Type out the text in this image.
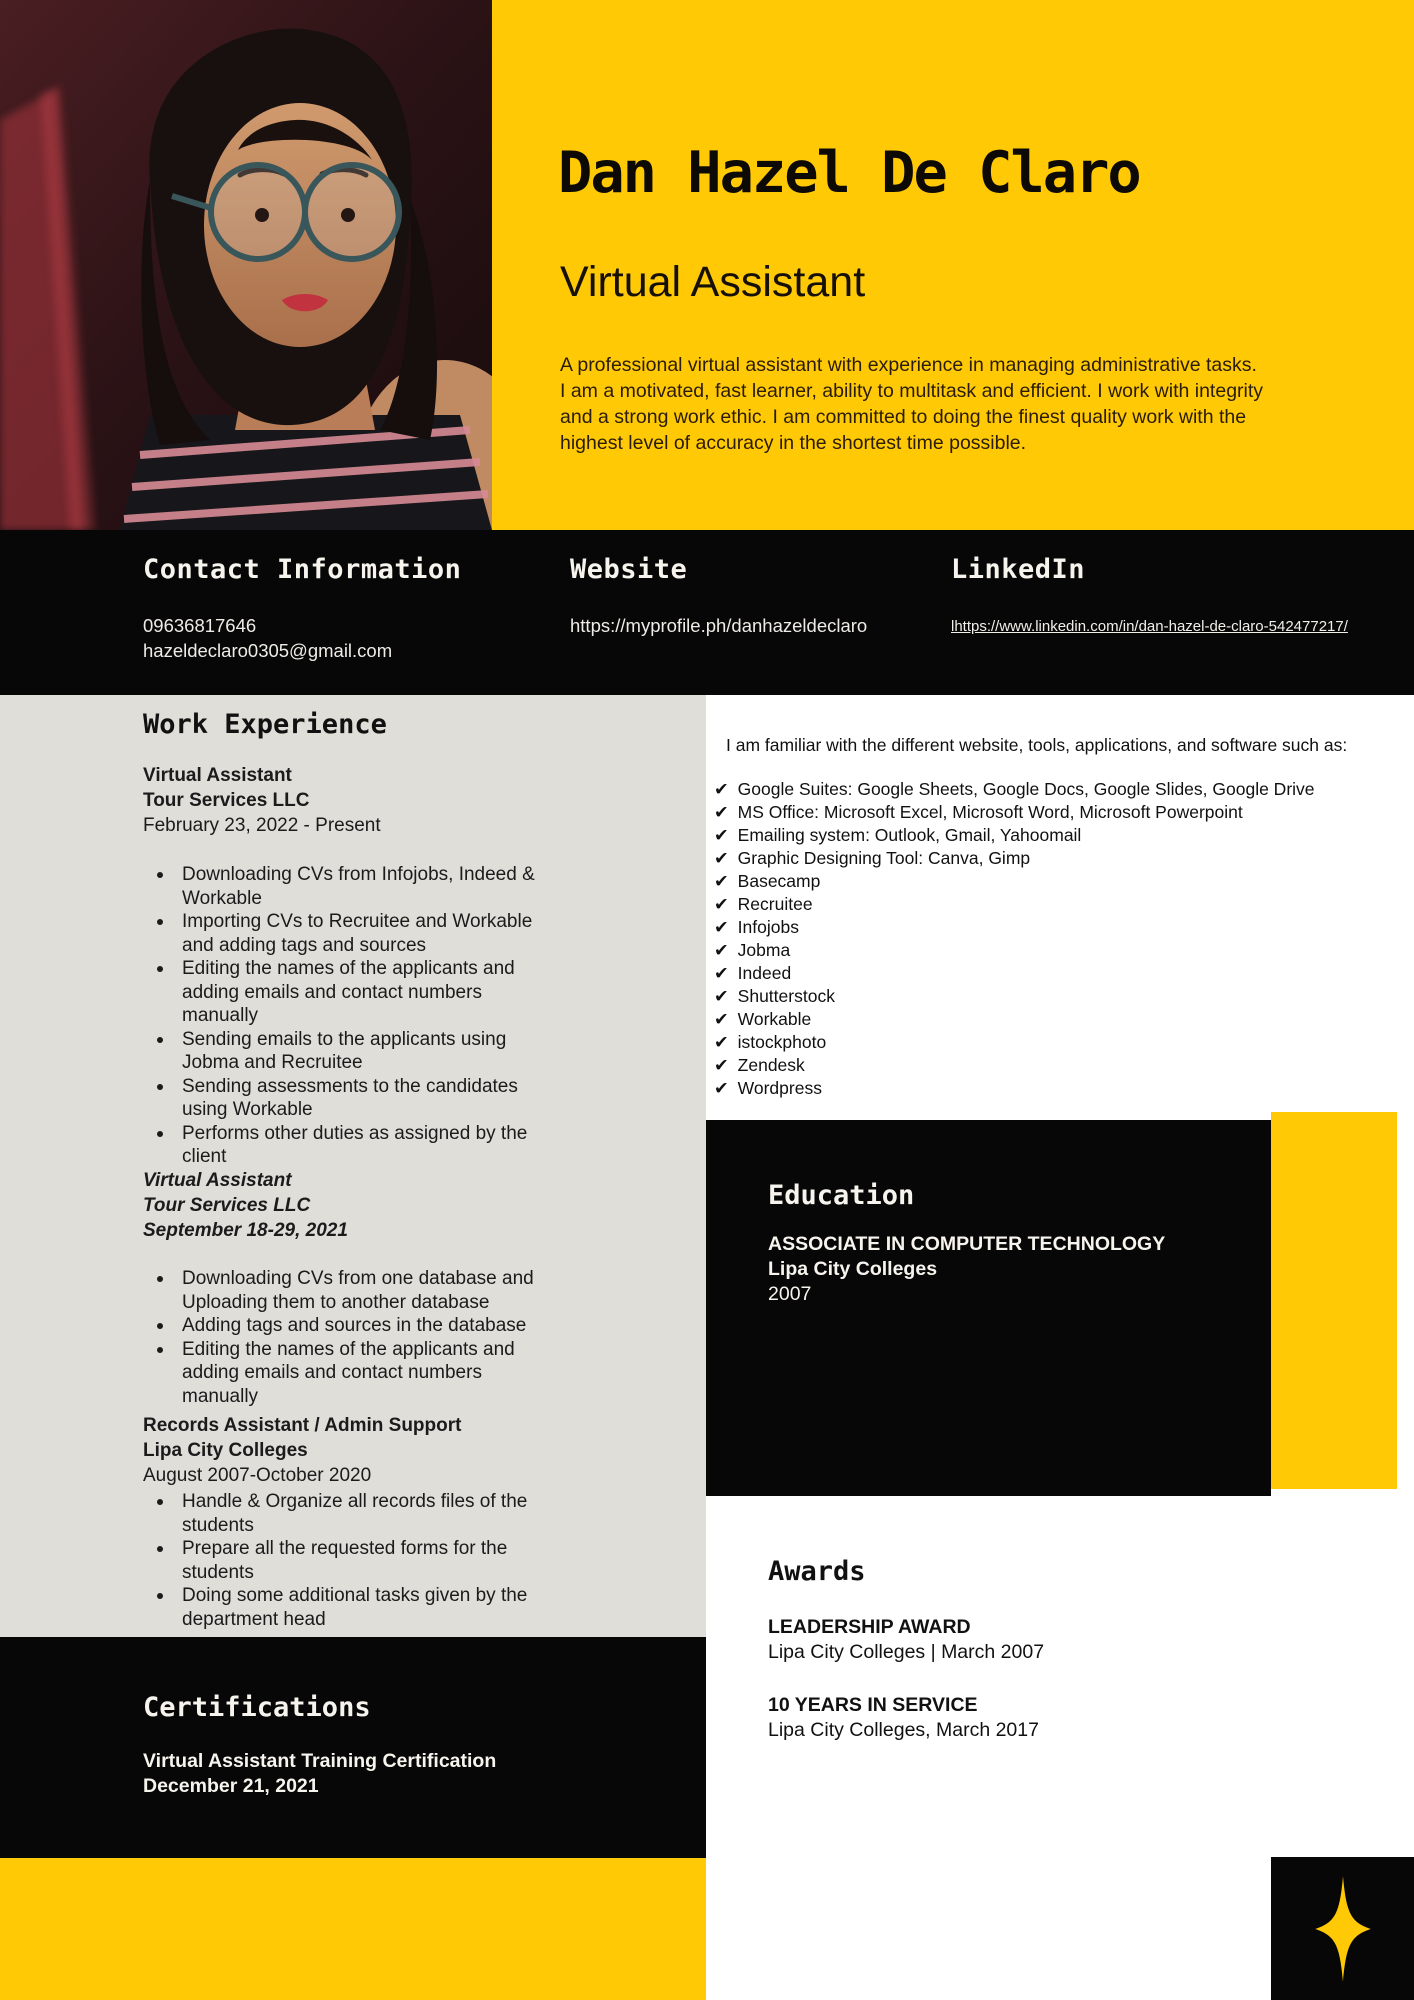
Dan Hazel De Claro
Virtual Assistant
A professional virtual assistant with experience in managing administrative tasks. I am a motivated, fast learner, ability to multitask and efficient. I work with integrity and a strong work ethic. I am committed to doing the finest quality work with the highest level of accuracy in the shortest time possible.
Contact Information
09636817646
hazeldeclaro0305@gmail.com
Website
https://myprofile.ph/danhazeldeclaro
LinkedIn
lhttps://www.linkedin.com/in/dan-hazel-de-claro-542477217/
Work Experience
Virtual Assistant
Tour Services LLC
February 23, 2022 - Present
Downloading CVs from Infojobs, Indeed & Workable
Importing CVs to Recruitee and Workable and adding tags and sources
Editing the names of the applicants and adding emails and contact numbers manually
Sending emails to the applicants using Jobma and Recruitee
Sending assessments to the candidates using Workable
Performs other duties as assigned by the client
Virtual Assistant
Tour Services LLC
September 18-29, 2021
Downloading CVs from one database and Uploading them to another database
Adding tags and sources in the database
Editing the names of the applicants and adding emails and contact numbers manually
Records Assistant / Admin Support
Lipa City Colleges
August 2007-October 2020
Handle & Organize all records files of the students
Prepare all the requested forms for the students
Doing some additional tasks given by the department head
I am familiar with the different website, tools, applications, and software such as:
✔ Google Suites: Google Sheets, Google Docs, Google Slides, Google Drive
✔ MS Office: Microsoft Excel, Microsoft Word, Microsoft Powerpoint
✔ Emailing system: Outlook, Gmail, Yahoomail
✔ Graphic Designing Tool: Canva, Gimp
✔ Basecamp
✔ Recruitee
✔ Infojobs
✔ Jobma
✔ Indeed
✔ Shutterstock
✔ Workable
✔ istockphoto
✔ Zendesk
✔ Wordpress
Education
ASSOCIATE IN COMPUTER TECHNOLOGY
Lipa City Colleges
2007
Awards
LEADERSHIP AWARD
Lipa City Colleges | March 2007
10 YEARS IN SERVICE
Lipa City Colleges, March 2017
Certifications
Virtual Assistant Training Certification
December 21, 2021
